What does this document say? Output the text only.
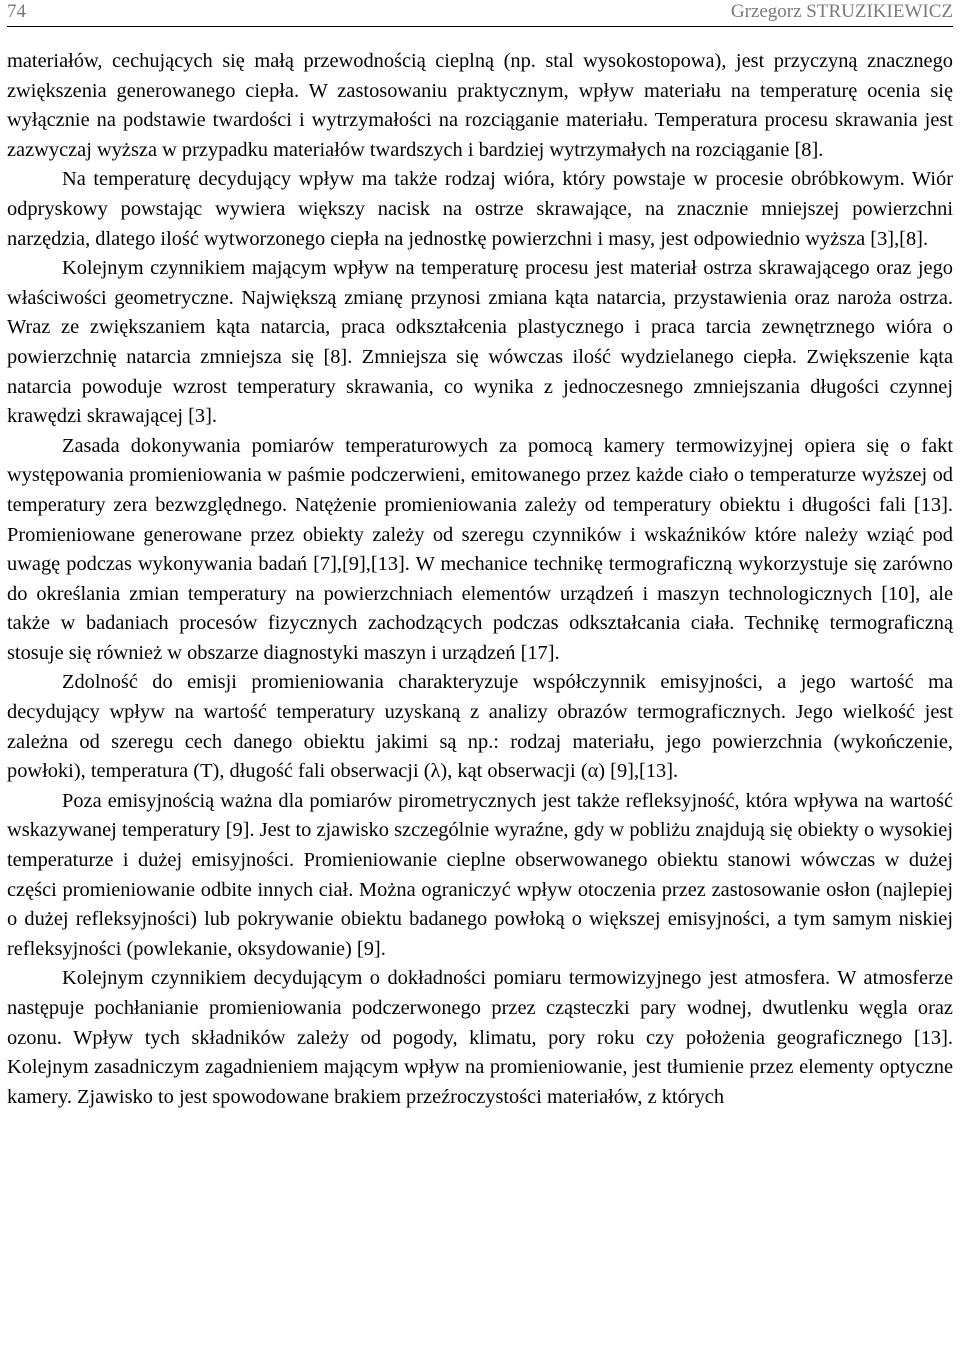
74	Grzegorz STRUZIKIEWICZ

materiałów, cechujących się małą przewodnością cieplną (np. stal wysokostopowa), jest przyczyną znacznego zwiększenia generowanego ciepła. W zastosowaniu praktycznym, wpływ materiału na temperaturę ocenia się wyłącznie na podstawie twardości i wytrzymałości na rozciąganie materiału. Temperatura procesu skrawania jest zazwyczaj wyższa w przypadku materiałów twardszych i bardziej wytrzymałych na rozciąganie [8].

Na temperaturę decydujący wpływ ma także rodzaj wióra, który powstaje w procesie obróbkowym. Wiór odpryskowy powstając wywiera większy nacisk na ostrze skrawające, na znacznie mniejszej powierzchni narzędzia, dlatego ilość wytworzonego ciepła na jednostkę powierzchni i masy, jest odpowiednio wyższa [3],[8].

Kolejnym czynnikiem mającym wpływ na temperaturę procesu jest materiał ostrza skrawającego oraz jego właściwości geometryczne. Największą zmianę przynosi zmiana kąta natarcia, przystawienia oraz naroża ostrza. Wraz ze zwiększaniem kąta natarcia, praca odkształcenia plastycznego i praca tarcia zewnętrznego wióra o powierzchnię natarcia zmniejsza się [8]. Zmniejsza się wówczas ilość wydzielanego ciepła. Zwiększenie kąta natarcia powoduje wzrost temperatury skrawania, co wynika z jednoczesnego zmniejszania długości czynnej krawędzi skrawającej [3].

Zasada dokonywania pomiarów temperaturowych za pomocą kamery termowizyjnej opiera się o fakt występowania promieniowania w paśmie podczerwieni, emitowanego przez każde ciało o temperaturze wyższej od temperatury zera bezwzględnego. Natężenie promieniowania zależy od temperatury obiektu i długości fali [13]. Promieniowane generowane przez obiekty zależy od szeregu czynników i wskaźników które należy wziąć pod uwagę podczas wykonywania badań [7],[9],[13]. W mechanice technikę termograficzną wykorzystuje się zarówno do określania zmian temperatury na powierzchniach elementów urządzeń i maszyn technologicznych [10], ale także w badaniach procesów fizycznych zachodzących podczas odkształcania ciała. Technikę termograficzną stosuje się również w obszarze diagnostyki maszyn i urządzeń [17].

Zdolność do emisji promieniowania charakteryzuje współczynnik emisyjności, a jego wartość ma decydujący wpływ na wartość temperatury uzyskaną z analizy obrazów termograficznych. Jego wielkość jest zależna od szeregu cech danego obiektu jakimi są np.: rodzaj materiału, jego powierzchnia (wykończenie, powłoki), temperatura (T), długość fali obserwacji (λ), kąt obserwacji (α) [9],[13].

Poza emisyjnością ważna dla pomiarów pirometrycznych jest także refleksyjność, która wpływa na wartość wskazywanej temperatury [9]. Jest to zjawisko szczególnie wyraźne, gdy w pobliżu znajdują się obiekty o wysokiej temperaturze i dużej emisyjności. Promieniowanie cieplne obserwowanego obiektu stanowi wówczas w dużej części promieniowanie odbite innych ciał. Można ograniczyć wpływ otoczenia przez zastosowanie osłon (najlepiej o dużej refleksyjności) lub pokrywanie obiektu badanego powłoką o większej emisyjności, a tym samym niskiej refleksyjności (powlekanie, oksydowanie) [9].

Kolejnym czynnikiem decydującym o dokładności pomiaru termowizyjnego jest atmosfera. W atmosferze następuje pochłanianie promieniowania podczerwonego przez cząsteczki pary wodnej, dwutlenku węgla oraz ozonu. Wpływ tych składników zależy od pogody, klimatu, pory roku czy położenia geograficznego [13]. Kolejnym zasadniczym zagadnieniem mającym wpływ na promieniowanie, jest tłumienie przez elementy optyczne kamery. Zjawisko to jest spowodowane brakiem przeźroczystości materiałów, z których
